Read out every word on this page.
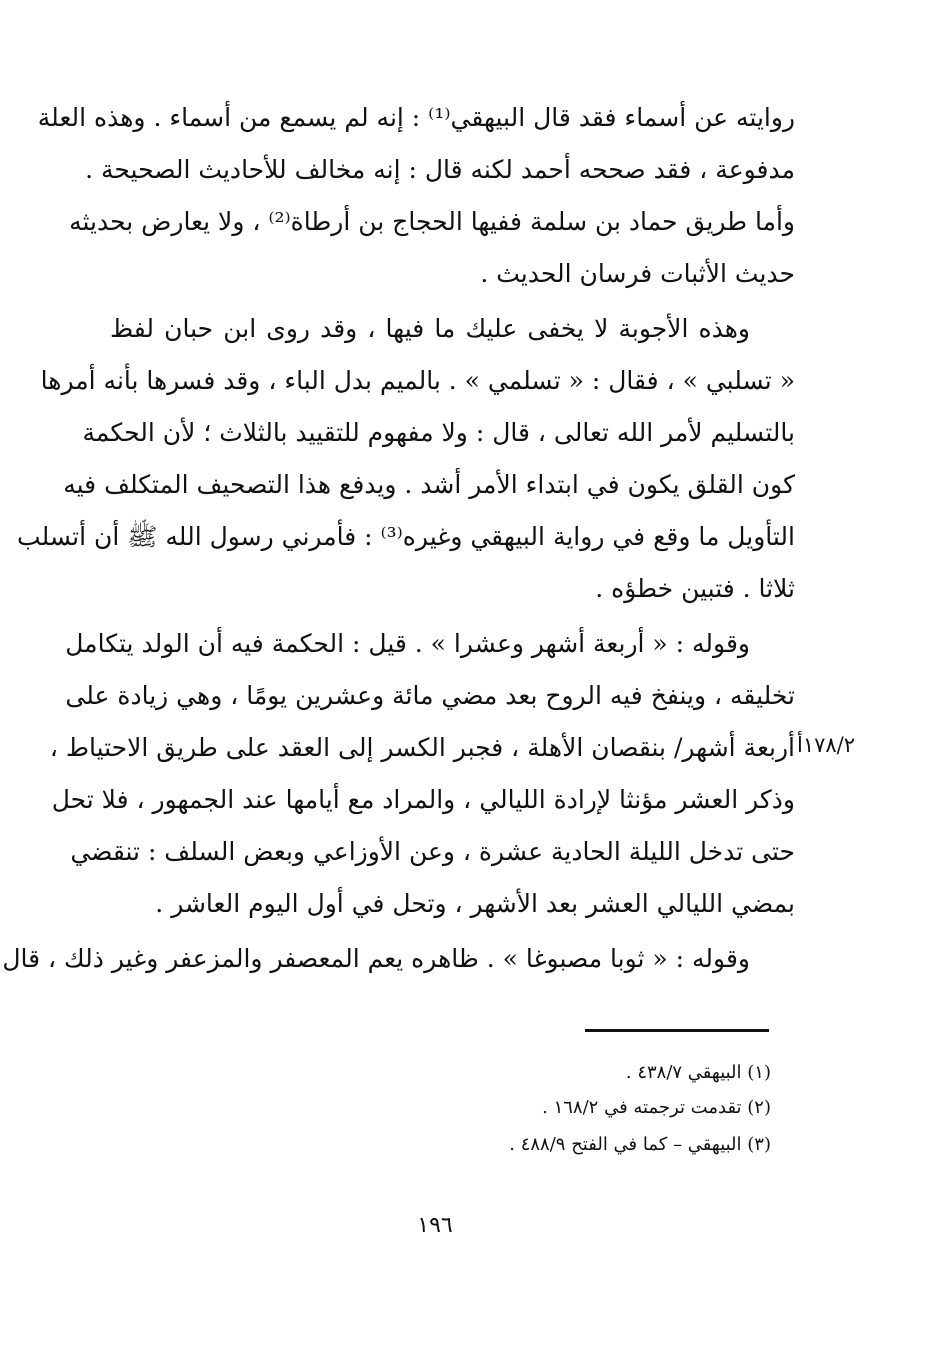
روايته عن أسماء فقد قال البيهقي⁽¹⁾ : إنه لم يسمع من أسماء . وهذه العلة
مدفوعة ، فقد صححه أحمد لكنه قال : إنه مخالف للأحاديث الصحيحة .
وأما طريق حماد بن سلمة ففيها الحجاج بن أرطاة⁽²⁾ ، ولا يعارض بحديثه
حديث الأثبات فرسان الحديث .
وهذه الأجوبة لا يخفى عليك ما فيها ، وقد روى ابن حبان لفظ
« تسلبي » ، فقال : « تسلمي » . بالميم بدل الباء ، وقد فسرها بأنه أمرها
بالتسليم لأمر الله تعالى ، قال : ولا مفهوم للتقييد بالثلاث ؛ لأن الحكمة
كون القلق يكون في ابتداء الأمر أشد . ويدفع هذا التصحيف المتكلف فيه
التأويل ما وقع في رواية البيهقي وغيره⁽³⁾ : فأمرني رسول الله ﷺ أن أتسلب
ثلاثا . فتبين خطؤه .
وقوله : « أربعة أشهر وعشرا » . قيل : الحكمة فيه أن الولد يتكامل
تخليقه ، وينفخ فيه الروح بعد مضي مائة وعشرين يومًا ، وهي زيادة على
أربعة أشهر/ بنقصان الأهلة ، فجبر الكسر إلى العقد على طريق الاحتياط ،
وذكر العشر مؤنثا لإرادة الليالي ، والمراد مع أيامها عند الجمهور ، فلا تحل
حتى تدخل الليلة الحادية عشرة ، وعن الأوزاعي وبعض السلف : تنقضي
بمضي الليالي العشر بعد الأشهر ، وتحل في أول اليوم العاشر .
وقوله : « ثوبا مصبوغا » . ظاهره يعم المعصفر والمزعفر وغير ذلك ، قال
١٧٨/٢أ
(١) البيهقي ٤٣٨/٧ .
(٢) تقدمت ترجمته في ١٦٨/٢ .
(٣) البيهقي – كما في الفتح ٤٨٨/٩ .
١٩٦
